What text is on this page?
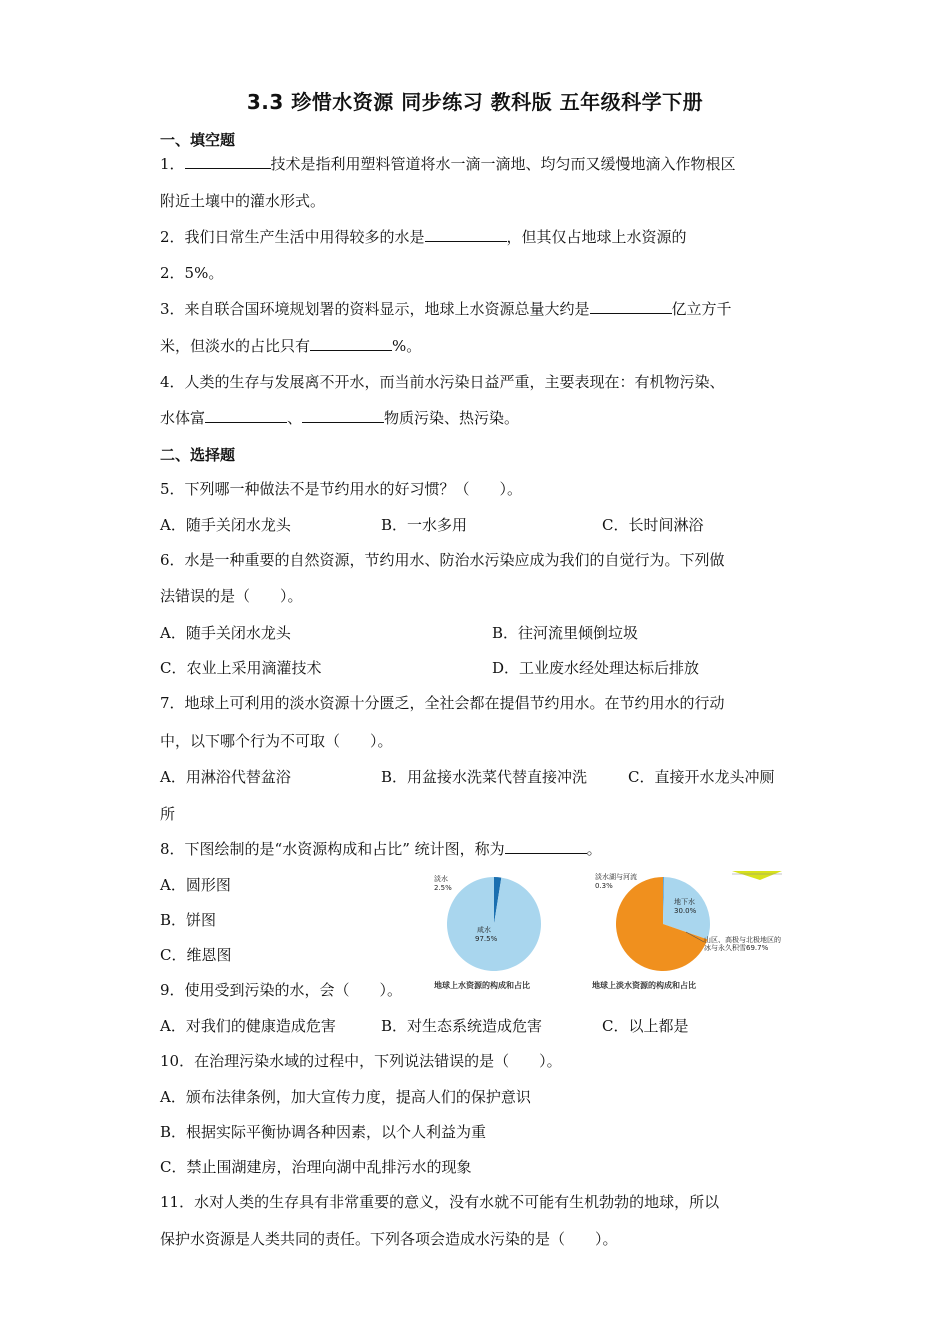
3.3 珍惜水资源 同步练习 教科版 五年级科学下册
一、填空题
1．	技术是指利用塑料管道将水一滴一滴地、均匀而又缓慢地滴入作物根区
附近土壤中的灌水形式。
2．我们日常生产生活中用得较多的水是	，但其仅占地球上水资源的
2．5%。
3．来自联合国环境规划署的资料显示，地球上水资源总量大约是	亿立方千
米，但淡水的占比只有	%。
4．人类的生存与发展离不开水，而当前水污染日益严重，主要表现在：有机物污染、
水体富	、	物质污染、热污染。
二、选择题
5．下列哪一种做法不是节约用水的好习惯？（　　）。
A．随手关闭水龙头	B．一水多用	C．长时间淋浴
6．水是一种重要的自然资源，节约用水、防治水污染应成为我们的自觉行为。下列做
法错误的是（　　）。
A．随手关闭水龙头	B．往河流里倾倒垃圾
C．农业上采用滴灌技术	D．工业废水经处理达标后排放
7．地球上可利用的淡水资源十分匮乏，全社会都在提倡节约用水。在节约用水的行动
中，以下哪个行为不可取（　　）。
A．用淋浴代替盆浴	B．用盆接水洗菜代替直接冲洗	C．直接开水龙头冲厕
所
8．下图绘制的是“水资源构成和占比” 统计图，称为	。
A．圆形图
B．饼图
C．维恩图
淡水
2.5%
咸水
97.5%
地球上水资源的构成和占比
淡水湖与河流
0.3%
地下水
30.0%
山区、高极与北极地区的冰与永久积雪69.7%
地球上淡水资源的构成和占比
9．使用受到污染的水，会（　　）。
A．对我们的健康造成危害	B．对生态系统造成危害	C．以上都是
10．在治理污染水域的过程中，下列说法错误的是（　　）。
A．颁布法律条例，加大宣传力度，提高人们的保护意识
B．根据实际平衡协调各种因素，以个人利益为重
C．禁止围湖建房，治理向湖中乱排污水的现象
11．水对人类的生存具有非常重要的意义，没有水就不可能有生机勃勃的地球，所以
保护水资源是人类共同的责任。下列各项会造成水污染的是（　　）。
